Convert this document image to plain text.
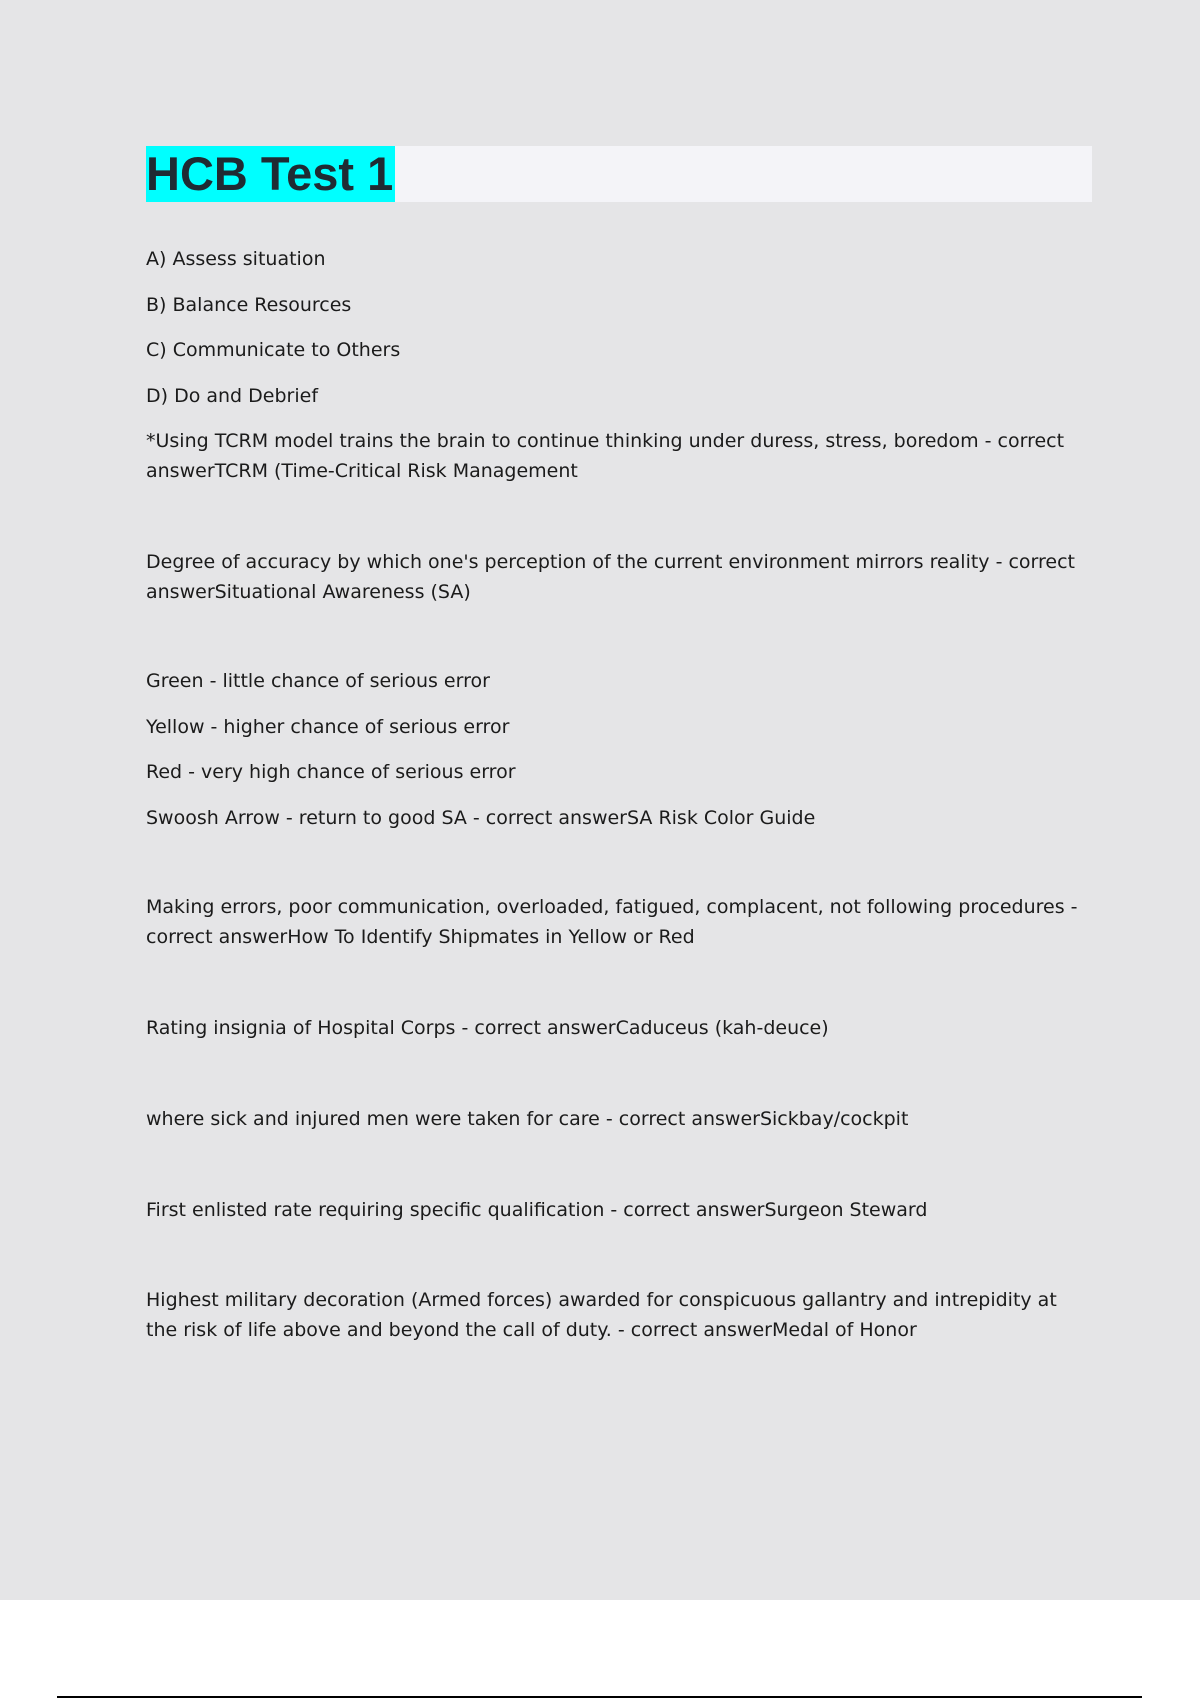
HCB Test 1
A) Assess situation
B) Balance Resources
C) Communicate to Others
D) Do and Debrief
*Using TCRM model trains the brain to continue thinking under duress, stress, boredom - correct answerTCRM (Time-Critical Risk Management
Degree of accuracy by which one's perception of the current environment mirrors reality - correct answerSituational Awareness (SA)
Green - little chance of serious error
Yellow - higher chance of serious error
Red - very high chance of serious error
Swoosh Arrow - return to good SA - correct answerSA Risk Color Guide
Making errors, poor communication, overloaded, fatigued, complacent, not following procedures - correct answerHow To Identify Shipmates in Yellow or Red
Rating insignia of Hospital Corps - correct answerCaduceus (kah-deuce)
where sick and injured men were taken for care - correct answerSickbay/cockpit
First enlisted rate requiring specific qualification - correct answerSurgeon Steward
Highest military decoration (Armed forces) awarded for conspicuous gallantry and intrepidity at the risk of life above and beyond the call of duty. - correct answerMedal of Honor
